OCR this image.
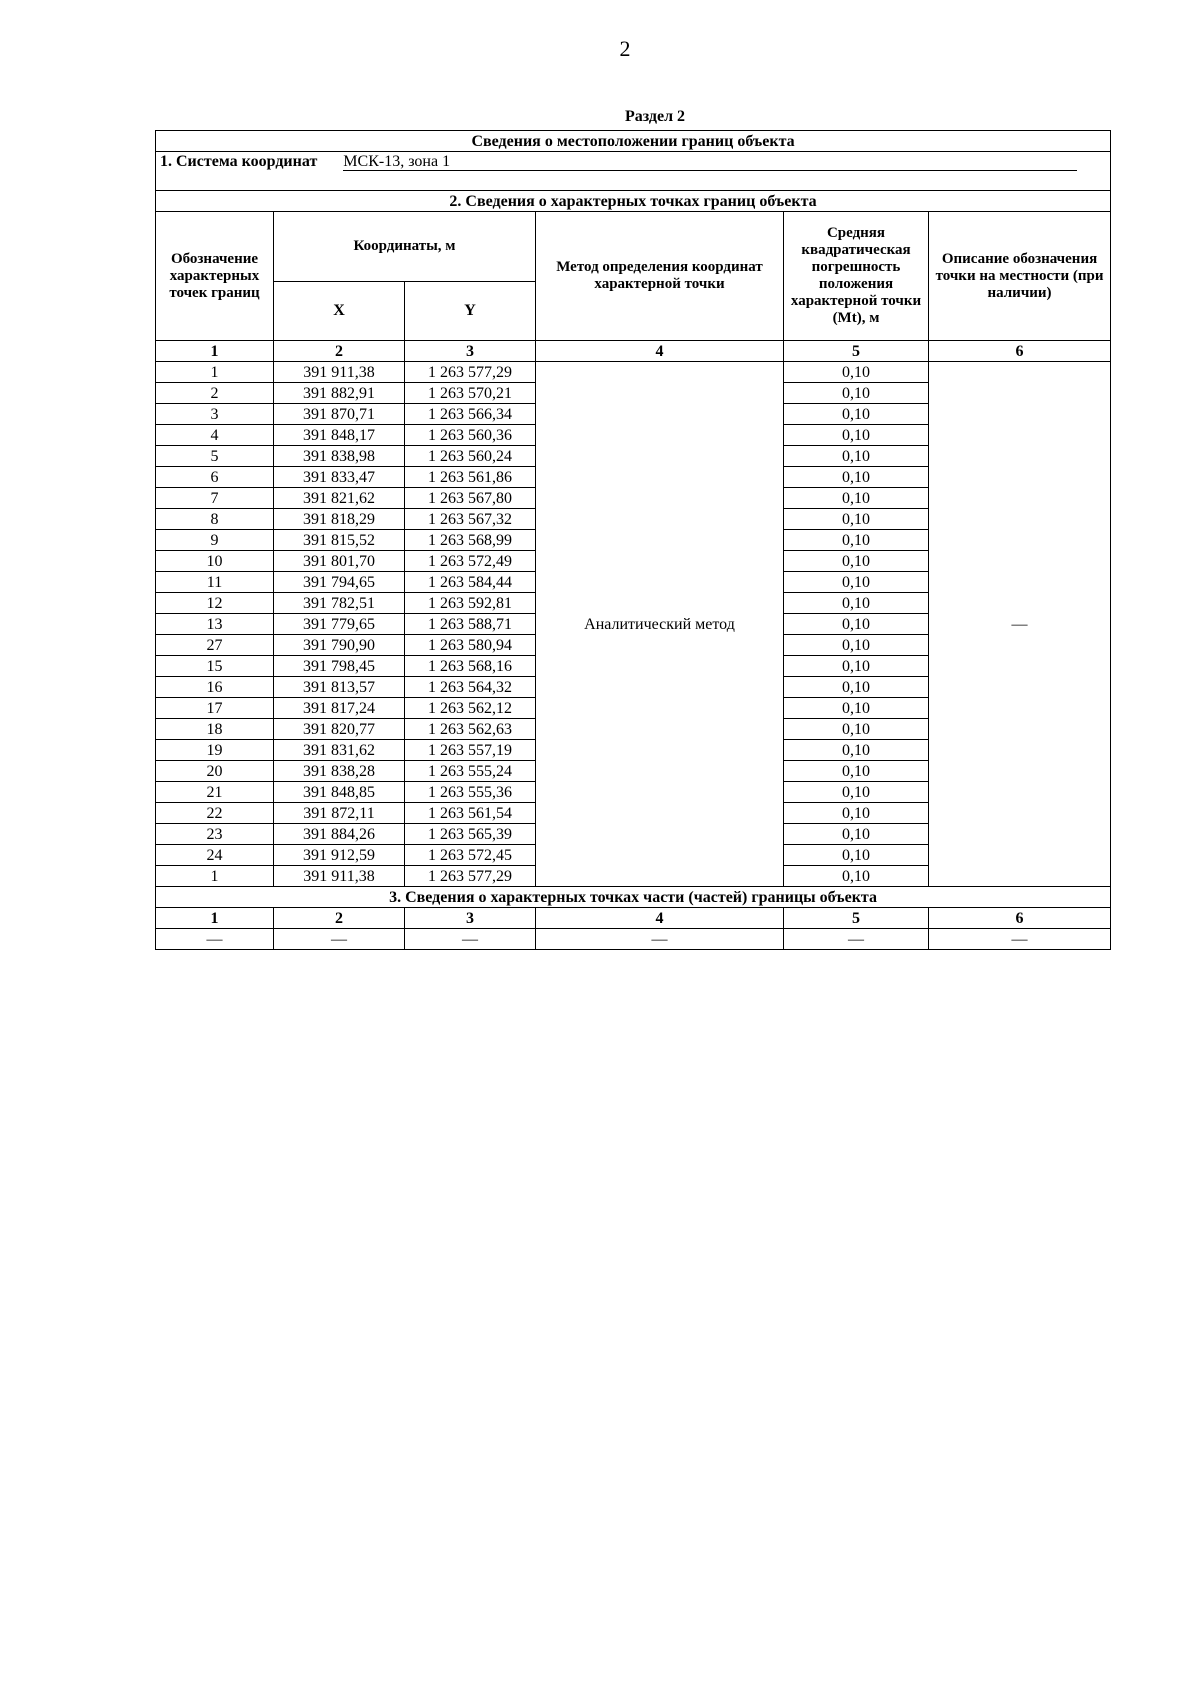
2
Раздел 2
Сведения о местоположении границ объекта					
1. Система координат МСК-13, зона 1					

2. Сведения о характерных точках границ объекта					
Обозначение характерных точек границ	Координаты, м		Метод определения координат характерной точки	Средняя квадратическая погрешность положения характерной точки (Mt), м	Описание обозначения точки на местности (при наличии)
	X	Y			
1	2	3	4	5	6
1	391 911,38	1 263 577,29	Аналитический метод	0,10	—
2	391 882,91	1 263 570,21		0,10	
3	391 870,71	1 263 566,34		0,10	
4	391 848,17	1 263 560,36		0,10	
5	391 838,98	1 263 560,24		0,10	
6	391 833,47	1 263 561,86		0,10	
7	391 821,62	1 263 567,80		0,10	
8	391 818,29	1 263 567,32		0,10	
9	391 815,52	1 263 568,99		0,10	
10	391 801,70	1 263 572,49		0,10	
11	391 794,65	1 263 584,44		0,10	
12	391 782,51	1 263 592,81		0,10	
13	391 779,65	1 263 588,71		0,10	
27	391 790,90	1 263 580,94		0,10	
15	391 798,45	1 263 568,16		0,10	
16	391 813,57	1 263 564,32		0,10	
17	391 817,24	1 263 562,12		0,10	
18	391 820,77	1 263 562,63		0,10	
19	391 831,62	1 263 557,19		0,10	
20	391 838,28	1 263 555,24		0,10	
21	391 848,85	1 263 555,36		0,10	
22	391 872,11	1 263 561,54		0,10	
23	391 884,26	1 263 565,39		0,10	
24	391 912,59	1 263 572,45		0,10	
1	391 911,38	1 263 577,29		0,10	
3. Сведения о характерных точках части (частей) границы объекта					
1	2	3	4	5	6
—	—	—	—	—	—
